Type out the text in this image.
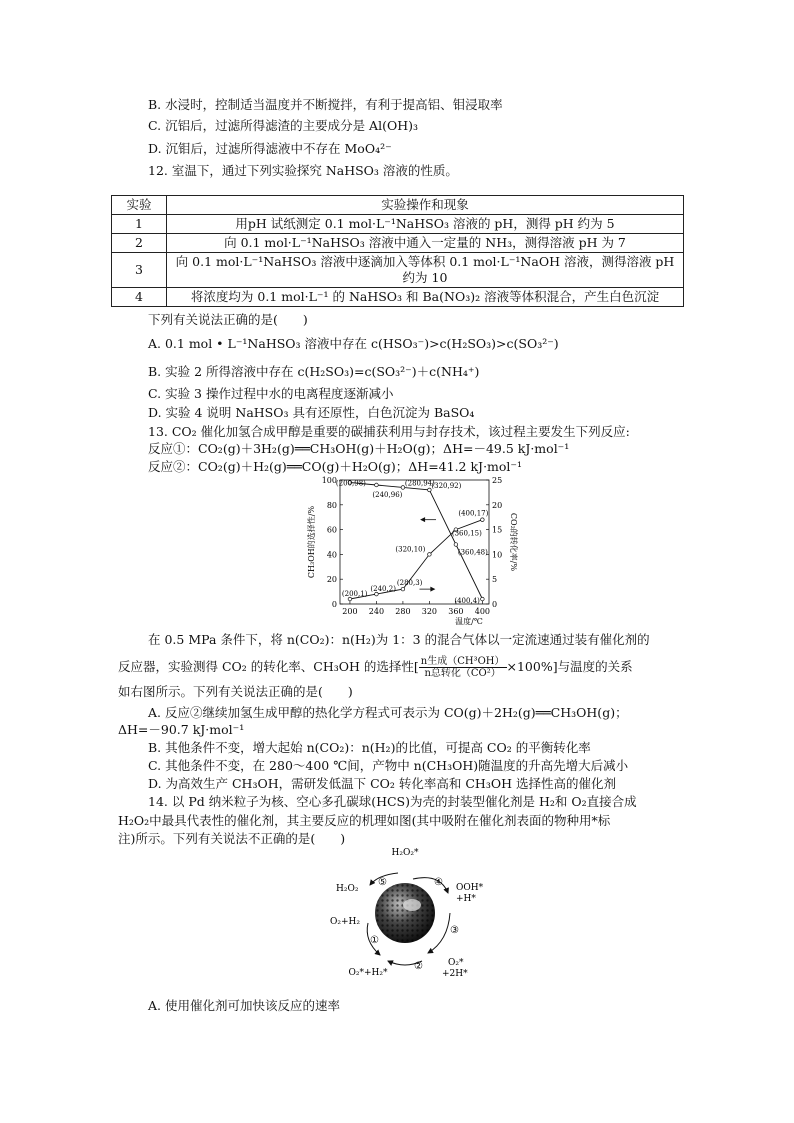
B. 水浸时，控制适当温度并不断搅拌，有利于提高铝、钼浸取率
C. 沉铝后，过滤所得滤渣的主要成分是 Al(OH)₃
D. 沉钼后，过滤所得滤液中不存在 MoO₄²⁻
12. 室温下，通过下列实验探究 NaHSO₃ 溶液的性质。
实验	实验操作和现象
1	用pH 试纸测定 0.1 mol·L⁻¹NaHSO₃ 溶液的 pH，测得 pH 约为 5
2	向 0.1 mol·L⁻¹NaHSO₃ 溶液中通入一定量的 NH₃，测得溶液 pH 为 7
3	向 0.1 mol·L⁻¹NaHSO₃ 溶液中逐滴加入等体积 0.1 mol·L⁻¹NaOH 溶液，测得溶液 pH 约为 10
4	将浓度均为 0.1 mol·L⁻¹ 的 NaHSO₃ 和 Ba(NO₃)₂ 溶液等体积混合，产生白色沉淀
下列有关说法正确的是(　　)
A. 0.1 mol • L⁻¹NaHSO₃ 溶液中存在 c(HSO₃⁻)>c(H₂SO₃)>c(SO₃²⁻)
B. 实验 2 所得溶液中存在 c(H₂SO₃)=c(SO₃²⁻)＋c(NH₄⁺)
C. 实验 3 操作过程中水的电离程度逐渐减小
D. 实验 4 说明 NaHSO₃ 具有还原性，白色沉淀为 BaSO₄
13. CO₂ 催化加氢合成甲醇是重要的碳捕获利用与封存技术，该过程主要发生下列反应:
反应①：CO₂(g)＋3H₂(g)══CH₃OH(g)＋H₂O(g)；ΔH=－49.5 kJ·mol⁻¹
反应②：CO₂(g)＋H₂(g)══CO(g)＋H₂O(g)；ΔH=41.2 kJ·mol⁻¹
200 240 280 320 360 400
0
20
40
60
80
100
0
5
10
15
20
25
温度/℃
CH₃OH的选择性/%	CO₂的转化率/%
(200,98)
(240,96)
(280,94)
(320,92)
(360,48)
(400,4)
(200,1)
(240,2)
(280,3)
(320,10)
(360,15)
(400,17)
在 0.5 MPa 条件下，将 n(CO₂)：n(H₂)为 1：3 的混合气体以一定流速通过装有催化剂的
反应器，实验测得 CO₂ 的转化率、CH₃OH 的选择性[ $\frac{\text{n生成（CH³OH）}}{\text{n总转化（CO²）}} \times 100\%$]与温度的关系
如右图所示。下列有关说法正确的是(　　)
A. 反应②继续加氢生成甲醇的热化学方程式可表示为 CO(g)＋2H₂(g)══CH₃OH(g)；
ΔH=－90.7 kJ·mol⁻¹
B. 其他条件不变，增大起始 n(CO₂)：n(H₂)的比值，可提高 CO₂ 的平衡转化率
C. 其他条件不变，在 280～400 ℃间，产物中 n(CH₃OH)随温度的升高先增大后减小
D. 为高效生产 CH₃OH，需研发低温下 CO₂ 转化率高和 CH₃OH 选择性高的催化剂
14. 以 Pd 纳米粒子为核、空心多孔碳球(HCS)为壳的封装型催化剂是 H₂和 O₂直接合成
H₂O₂中最具代表性的催化剂，其主要反应的机理如图(其中吸附在催化剂表面的物种用*标
注)所示。下列有关说法不正确的是(　　)
H₂O₂*
H₂O₂
O₂+H₂
O₂*+H₂*
O₂*
+2H*
OOH*
+H*
①
②
③
④
⑤
A. 使用催化剂可加快该反应的速率
